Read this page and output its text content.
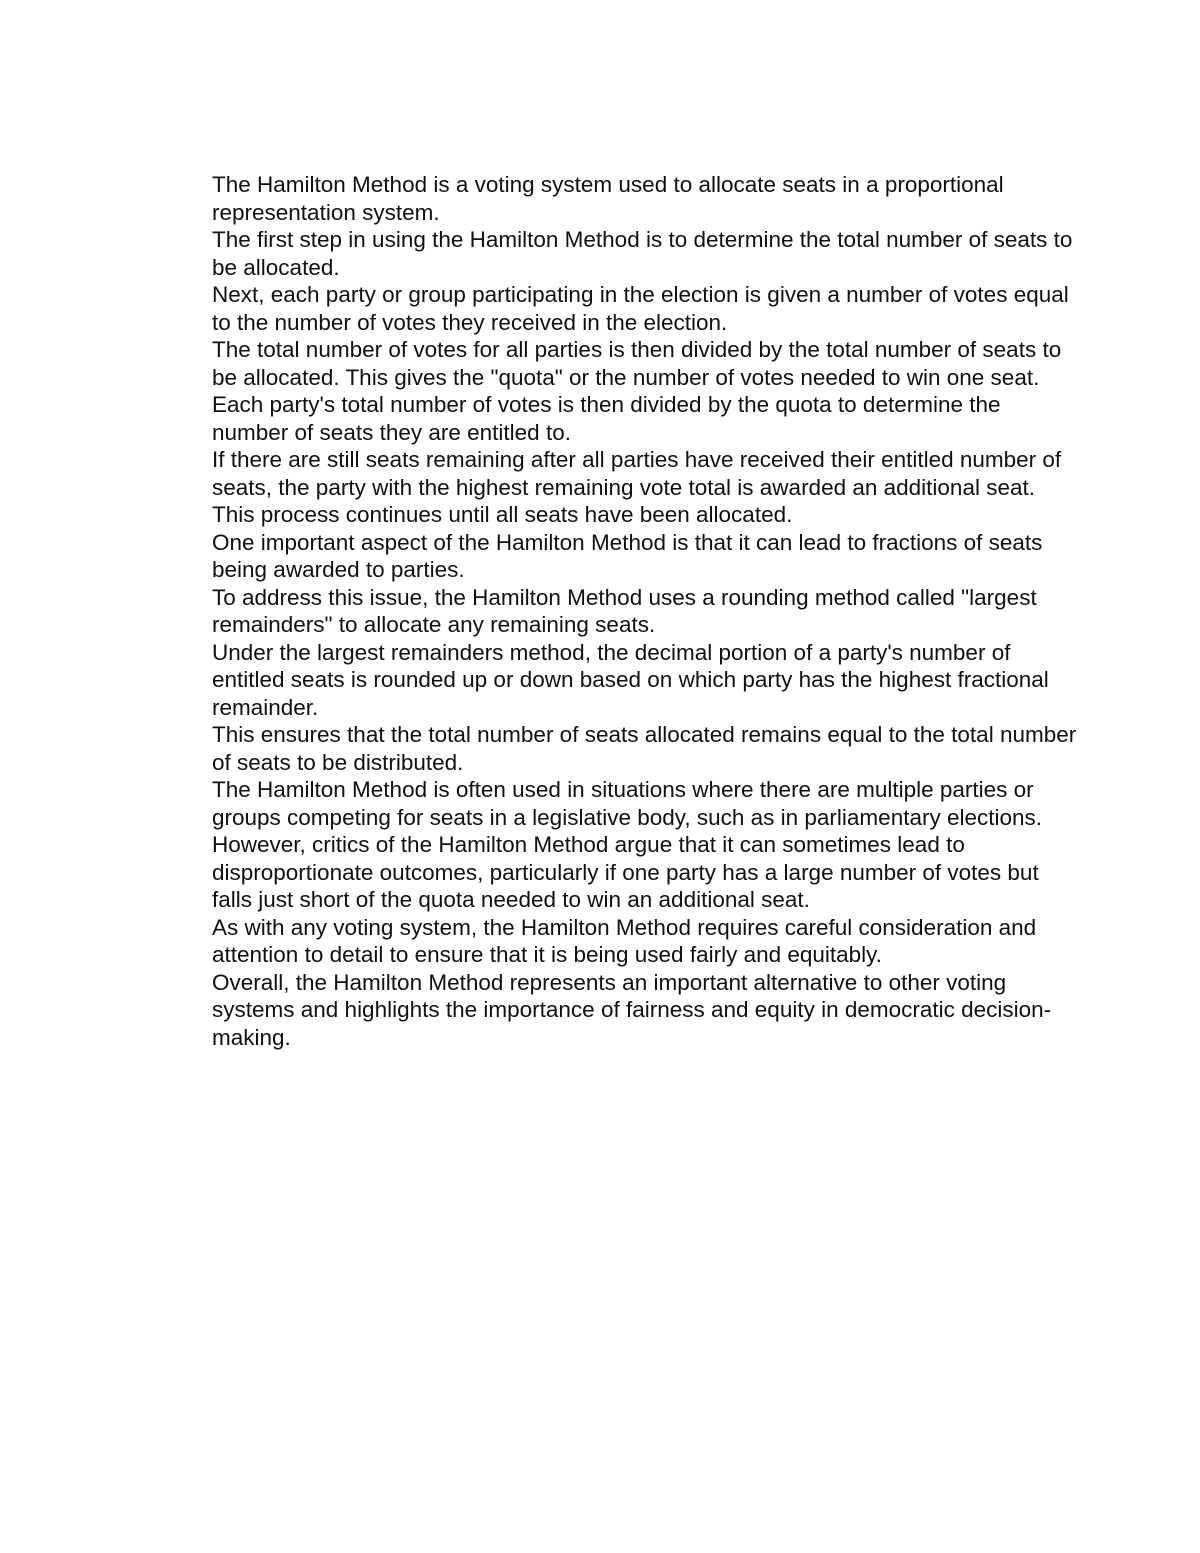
The Hamilton Method is a voting system used to allocate seats in a proportional representation system.

The first step in using the Hamilton Method is to determine the total number of seats to be allocated.

Next, each party or group participating in the election is given a number of votes equal to the number of votes they received in the election.

The total number of votes for all parties is then divided by the total number of seats to be allocated. This gives the "quota" or the number of votes needed to win one seat.

Each party's total number of votes is then divided by the quota to determine the number of seats they are entitled to.

If there are still seats remaining after all parties have received their entitled number of seats, the party with the highest remaining vote total is awarded an additional seat.

This process continues until all seats have been allocated.

One important aspect of the Hamilton Method is that it can lead to fractions of seats being awarded to parties.

To address this issue, the Hamilton Method uses a rounding method called "largest remainders" to allocate any remaining seats.

Under the largest remainders method, the decimal portion of a party's number of entitled seats is rounded up or down based on which party has the highest fractional remainder.

This ensures that the total number of seats allocated remains equal to the total number of seats to be distributed.

The Hamilton Method is often used in situations where there are multiple parties or groups competing for seats in a legislative body, such as in parliamentary elections.

However, critics of the Hamilton Method argue that it can sometimes lead to disproportionate outcomes, particularly if one party has a large number of votes but falls just short of the quota needed to win an additional seat.

As with any voting system, the Hamilton Method requires careful consideration and attention to detail to ensure that it is being used fairly and equitably.

Overall, the Hamilton Method represents an important alternative to other voting systems and highlights the importance of fairness and equity in democratic decision-making.
